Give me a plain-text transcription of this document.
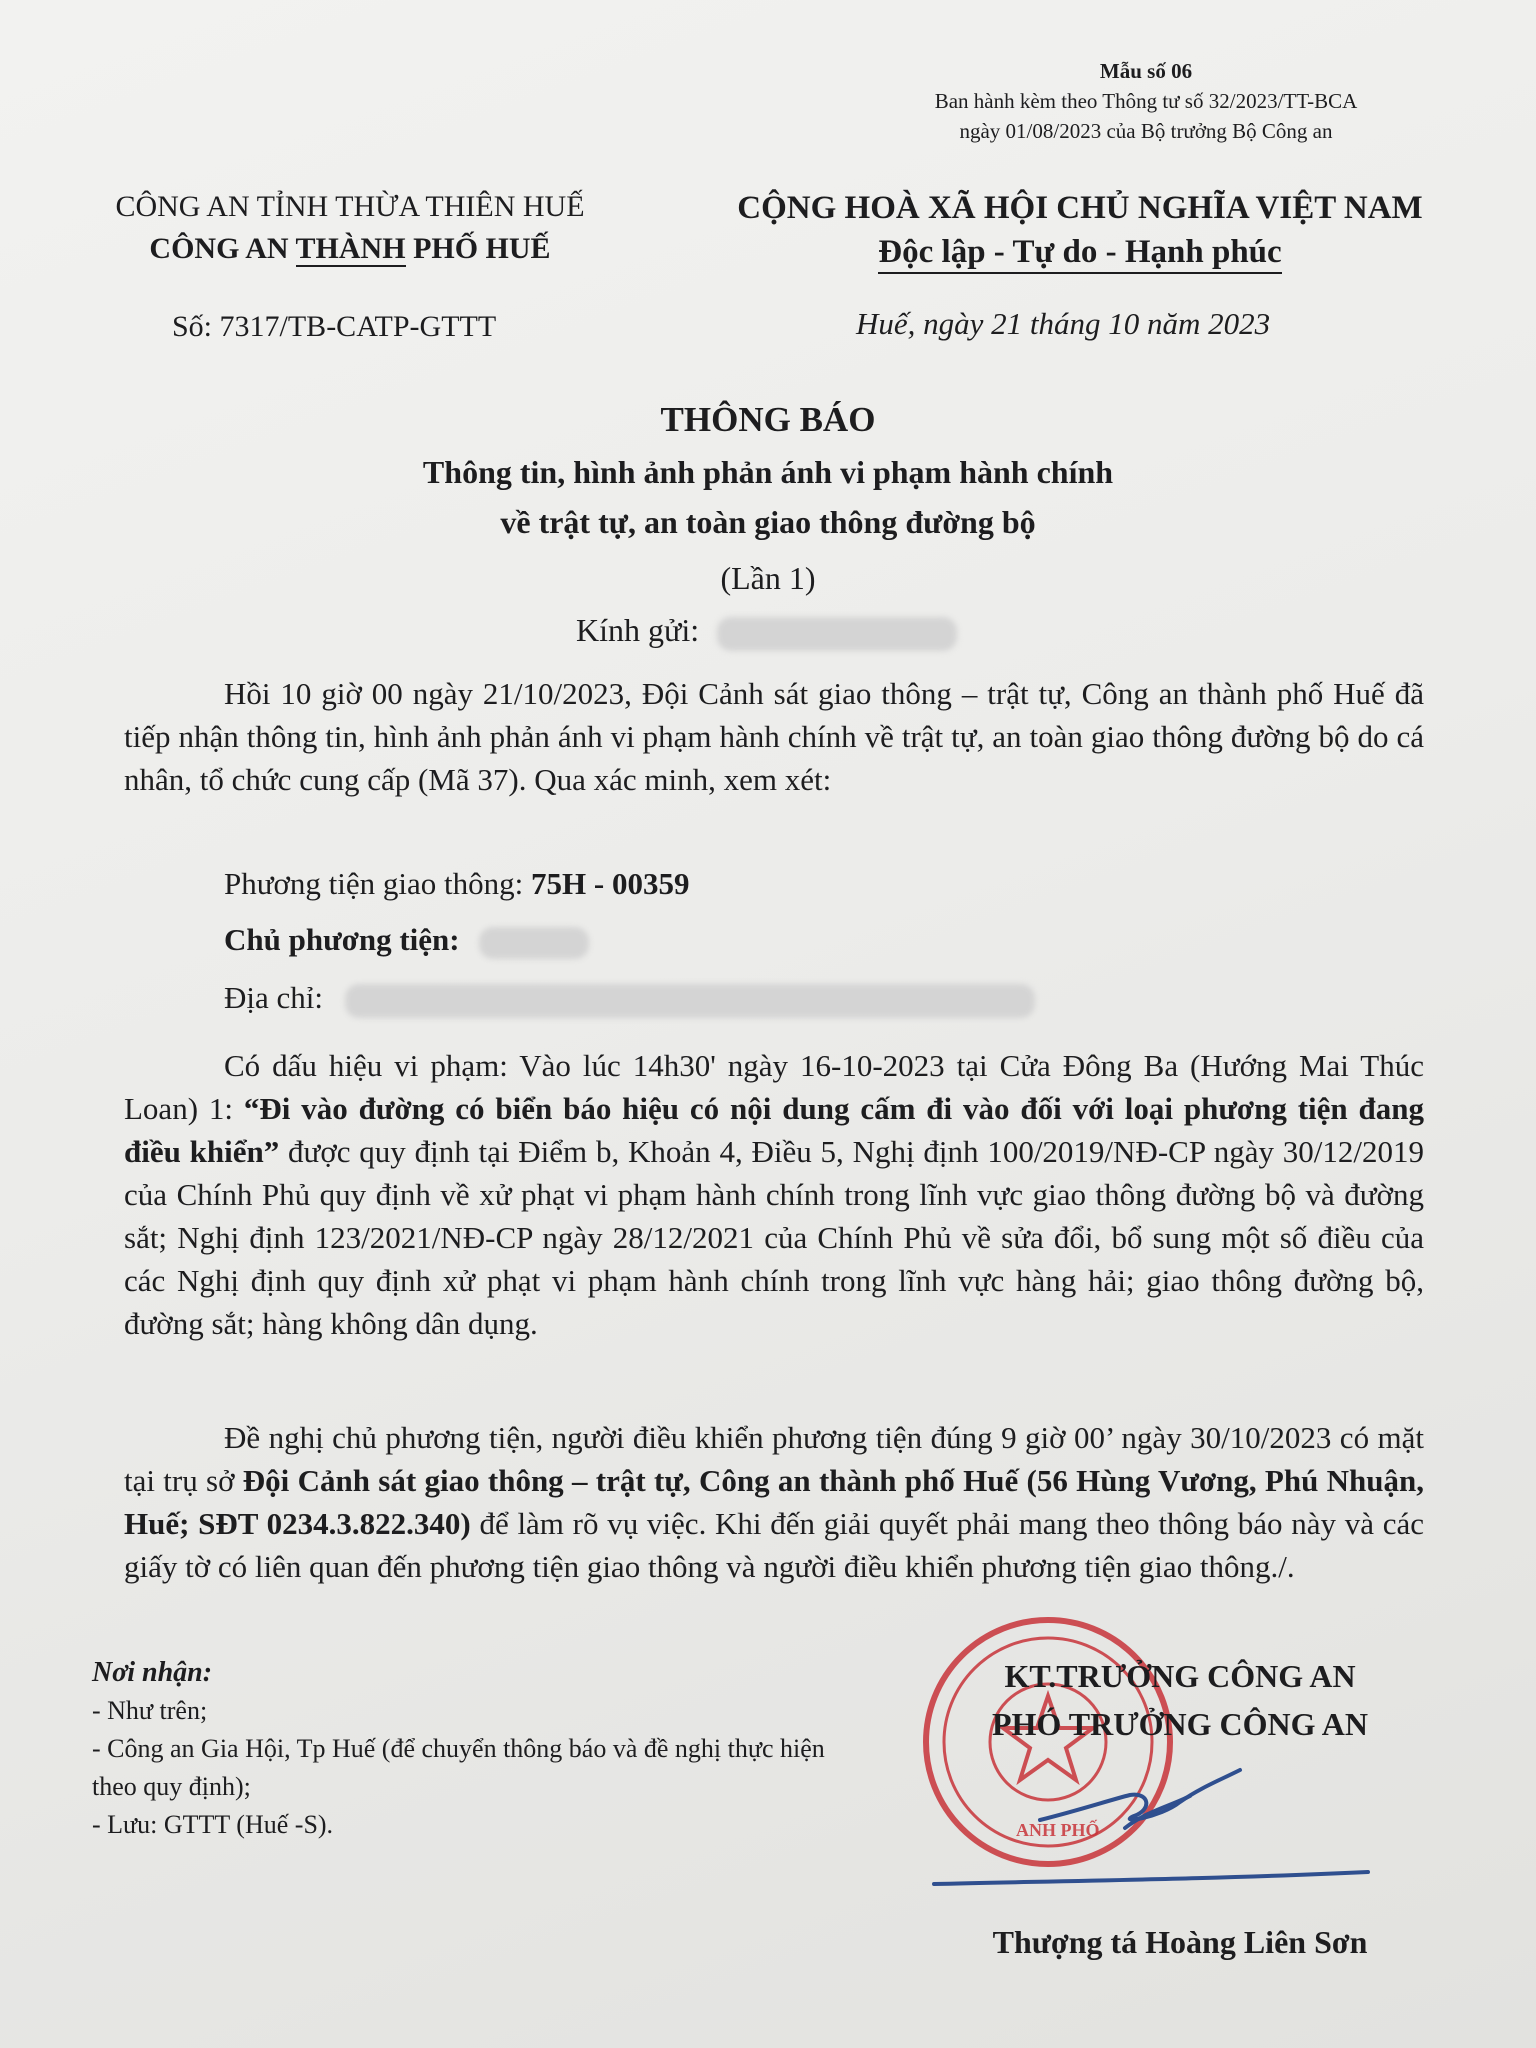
Mẫu số 06
Ban hành kèm theo Thông tư số 32/2023/TT-BCA
ngày 01/08/2023 của Bộ trưởng Bộ Công an
CÔNG AN TỈNH THỪA THIÊN HUẾ
CÔNG AN THÀNH PHỐ HUẾ
CỘNG HOÀ XÃ HỘI CHỦ NGHĨA VIỆT NAM
Độc lập - Tự do - Hạnh phúc
Số: 7317/TB-CATP-GTTT	Huế, ngày 21 tháng 10 năm 2023
THÔNG BÁO
Thông tin, hình ảnh phản ánh vi phạm hành chính
về trật tự, an toàn giao thông đường bộ
(Lần 1)
Kính gửi:
Hồi 10 giờ 00 ngày 21/10/2023, Đội Cảnh sát giao thông – trật tự, Công an thành phố Huế đã tiếp nhận thông tin, hình ảnh phản ánh vi phạm hành chính về trật tự, an toàn giao thông đường bộ do cá nhân, tổ chức cung cấp (Mã 37). Qua xác minh, xem xét:
Phương tiện giao thông: 75H - 00359
Chủ phương tiện:
Địa chỉ:
Có dấu hiệu vi phạm: Vào lúc 14h30' ngày 16-10-2023 tại Cửa Đông Ba (Hướng Mai Thúc Loan) 1: “Đi vào đường có biển báo hiệu có nội dung cấm đi vào đối với loại phương tiện đang điều khiển” được quy định tại Điểm b, Khoản 4, Điều 5, Nghị định 100/2019/NĐ-CP ngày 30/12/2019 của Chính Phủ quy định về xử phạt vi phạm hành chính trong lĩnh vực giao thông đường bộ và đường sắt; Nghị định 123/2021/NĐ-CP ngày 28/12/2021 của Chính Phủ về sửa đổi, bổ sung một số điều của các Nghị định quy định xử phạt vi phạm hành chính trong lĩnh vực hàng hải; giao thông đường bộ, đường sắt; hàng không dân dụng.
Đề nghị chủ phương tiện, người điều khiển phương tiện đúng 9 giờ 00’ ngày 30/10/2023 có mặt tại trụ sở Đội Cảnh sát giao thông – trật tự, Công an thành phố Huế (56 Hùng Vương, Phú Nhuận, Huế; SĐT 0234.3.822.340) để làm rõ vụ việc. Khi đến giải quyết phải mang theo thông báo này và các giấy tờ có liên quan đến phương tiện giao thông và người điều khiển phương tiện giao thông./.
Nơi nhận:
- Như trên;
- Công an Gia Hội, Tp Huế (để chuyển thông báo và đề nghị thực hiện theo quy định);
- Lưu: GTTT (Huế -S).	ANH PHỐ
KT.TRƯỞNG CÔNG AN
PHÓ TRƯỞNG CÔNG AN
Thượng tá Hoàng Liên Sơn
